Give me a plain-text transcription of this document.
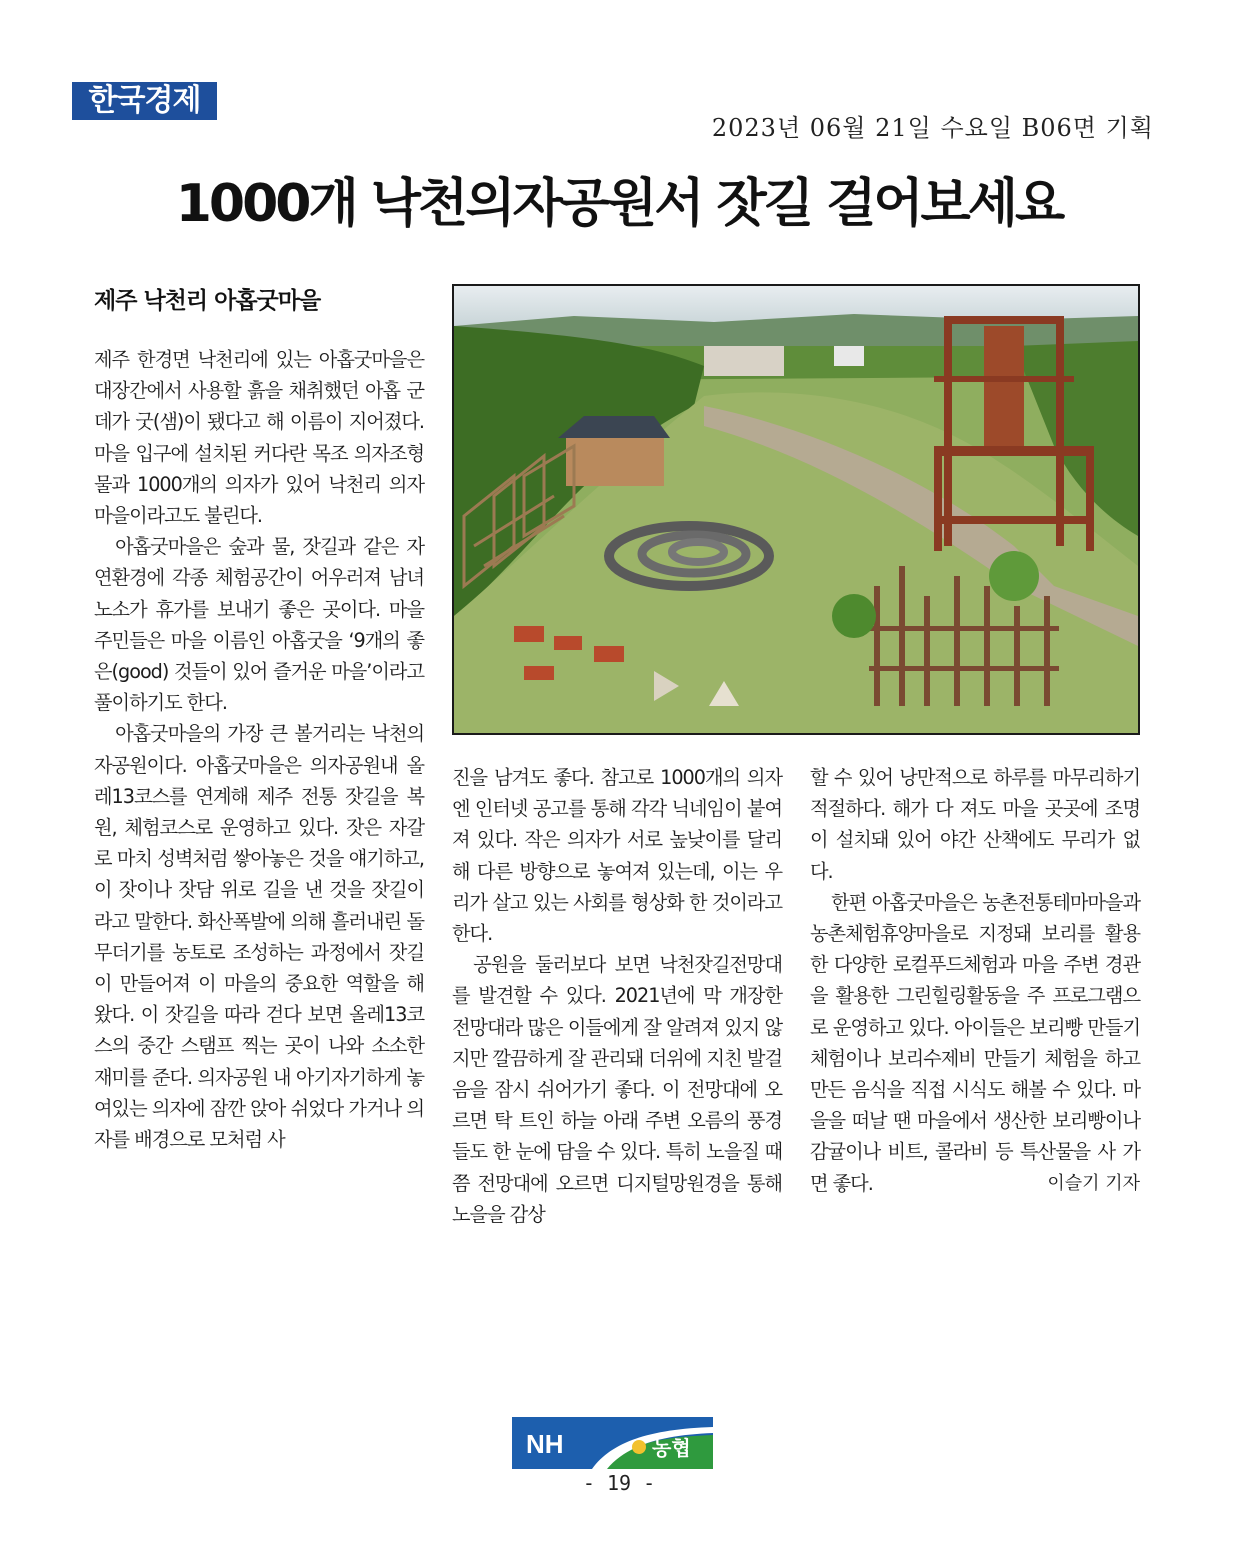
한국경제
2023년 06월 21일 수요일 B06면 기획
1000개 낙천의자공원서 잣길 걸어보세요
제주 낙천리 아홉굿마을

제주 한경면 낙천리에 있는 아홉굿마을은 대장간에서 사용할 흙을 채취했던 아홉 군데가 굿(샘)이 됐다고 해 이름이 지어졌다. 마을 입구에 설치된 커다란 목조 의자조형물과 1000개의 의자가 있어 낙천리 의자마을이라고도 불린다.

아홉굿마을은 숲과 물, 잣길과 같은 자연환경에 각종 체험공간이 어우러져 남녀노소가 휴가를 보내기 좋은 곳이다. 마을 주민들은 마을 이름인 아홉굿을 ‘9개의 좋은(good) 것들이 있어 즐거운 마을’이라고 풀이하기도 한다.

아홉굿마을의 가장 큰 볼거리는 낙천의자공원이다. 아홉굿마을은 의자공원내 올레13코스를 연계해 제주 전통 잣길을 복원, 체험코스로 운영하고 있다. 잣은 자갈로 마치 성벽처럼 쌓아놓은 것을 얘기하고, 이 잣이나 잣담 위로 길을 낸 것을 잣길이라고 말한다. 화산폭발에 의해 흘러내린 돌무더기를 농토로 조성하는 과정에서 잣길이 만들어져 이 마을의 중요한 역할을 해 왔다. 이 잣길을 따라 걷다 보면 올레13코스의 중간 스탬프 찍는 곳이 나와 소소한 재미를 준다. 의자공원 내 아기자기하게 놓여있는 의자에 잠깐 앉아 쉬었다 가거나 의자를 배경으로 모처럼 사

진을 남겨도 좋다. 참고로 1000개의 의자엔 인터넷 공고를 통해 각각 닉네임이 붙여져 있다. 작은 의자가 서로 높낮이를 달리해 다른 방향으로 놓여져 있는데, 이는 우리가 살고 있는 사회를 형상화 한 것이라고 한다.

공원을 둘러보다 보면 낙천잣길전망대를 발견할 수 있다. 2021년에 막 개장한 전망대라 많은 이들에게 잘 알려져 있지 않지만 깔끔하게 잘 관리돼 더위에 지친 발걸음을 잠시 쉬어가기 좋다. 이 전망대에 오르면 탁 트인 하늘 아래 주변 오름의 풍경들도 한 눈에 담을 수 있다. 특히 노을질 때쯤 전망대에 오르면 디지털망원경을 통해 노을을 감상

할 수 있어 낭만적으로 하루를 마무리하기 적절하다. 해가 다 져도 마을 곳곳에 조명이 설치돼 있어 야간 산책에도 무리가 없다.

한편 아홉굿마을은 농촌전통테마마을과 농촌체험휴양마을로 지정돼 보리를 활용한 다양한 로컬푸드체험과 마을 주변 경관을 활용한 그린힐링활동을 주 프로그램으로 운영하고 있다. 아이들은 보리빵 만들기 체험이나 보리수제비 만들기 체험을 하고 만든 음식을 직접 시식도 해볼 수 있다. 마을을 떠날 땐 마을에서 생산한 보리빵이나 감귤이나 비트, 콜라비 등 특산물을 사 가면 좋다.	이슬기 기자

NH	농협
- 19 -
